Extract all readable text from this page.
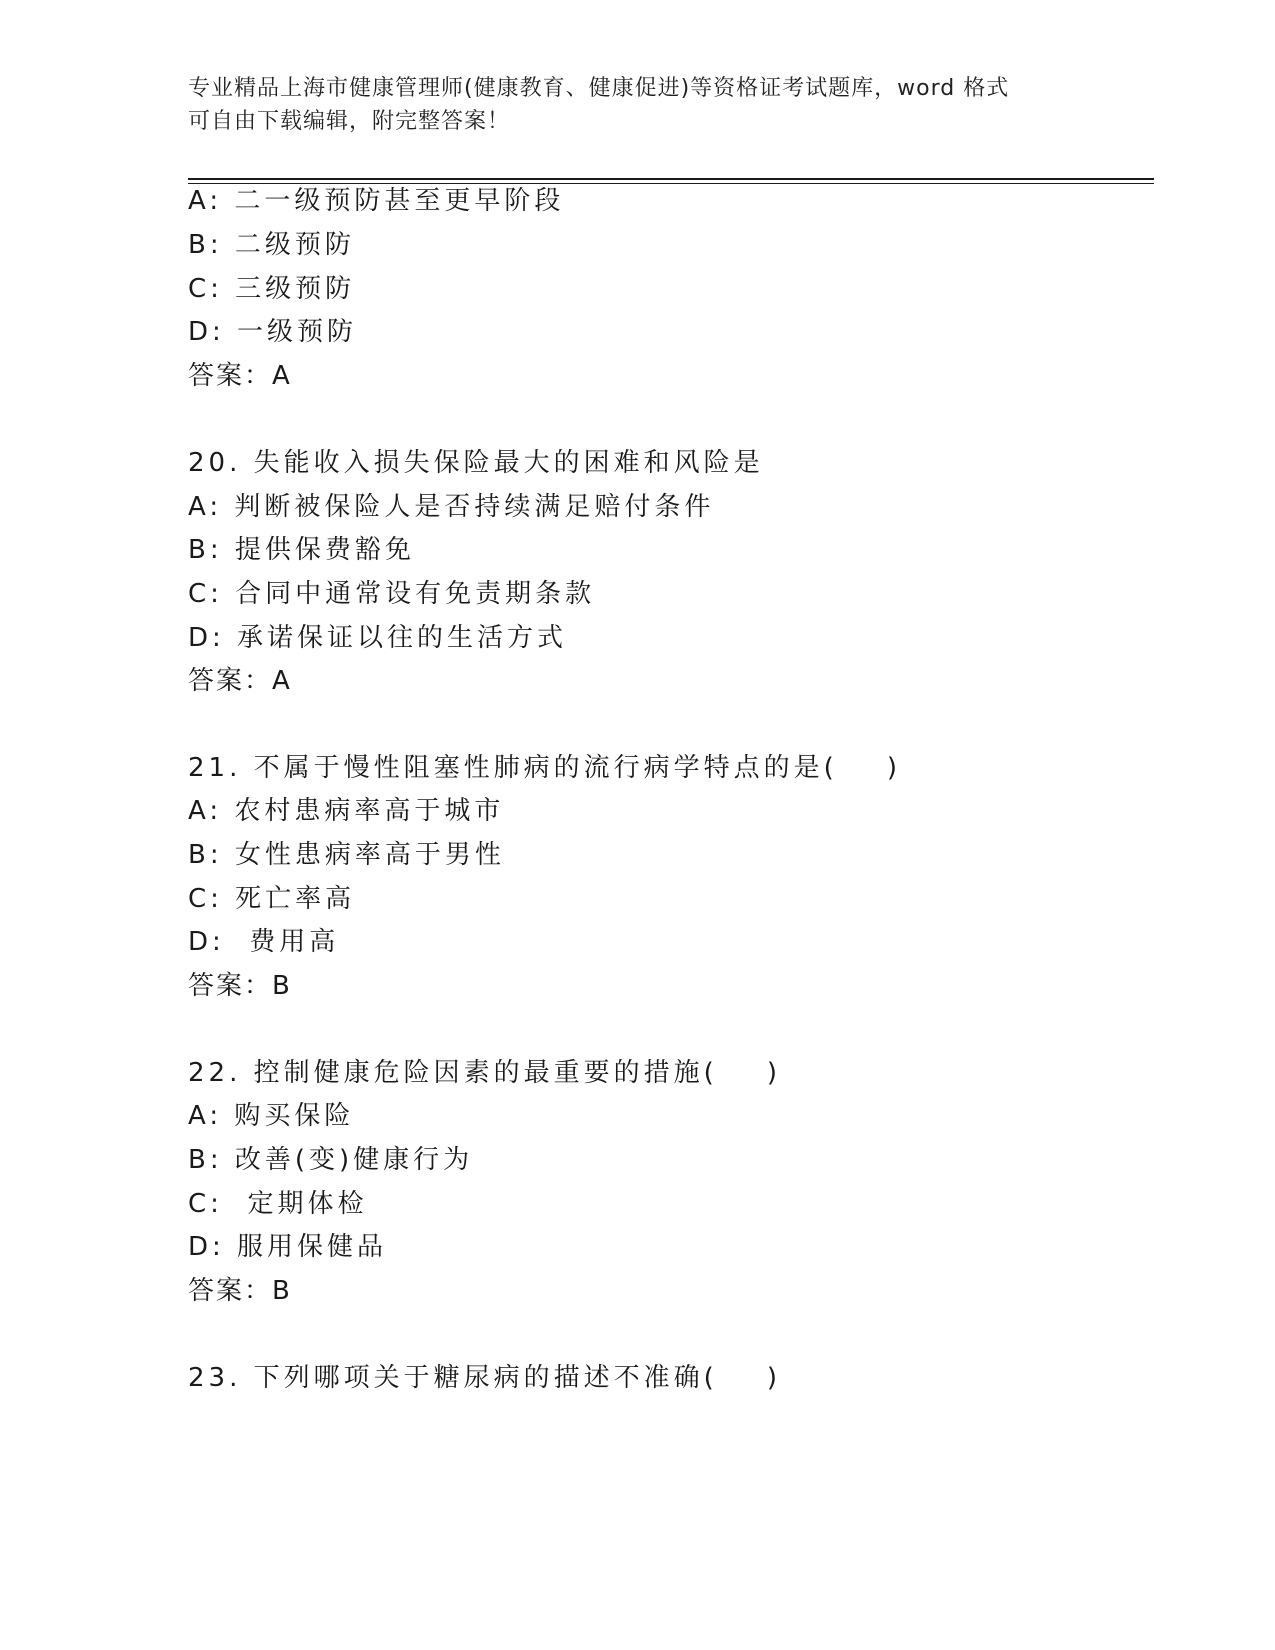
专业精品上海市健康管理师(健康教育、健康促进)等资格证考试题库，word 格式
可自由下载编辑，附完整答案！
A: 二一级预防甚至更早阶段
B: 二级预防
C: 三级预防
D: 一级预防
答案：A
20. 失能收入损失保险最大的困难和风险是
A: 判断被保险人是否持续满足赔付条件
B: 提供保费豁免
C: 合同中通常设有免责期条款
D: 承诺保证以往的生活方式
答案：A
21. 不属于慢性阻塞性肺病的流行病学特点的是(    )
A: 农村患病率高于城市
B: 女性患病率高于男性
C: 死亡率高
D:  费用高
答案：B
22. 控制健康危险因素的最重要的措施(    )
A: 购买保险
B: 改善(变)健康行为
C:  定期体检
D: 服用保健品
答案：B
23. 下列哪项关于糖尿病的描述不准确(    )
